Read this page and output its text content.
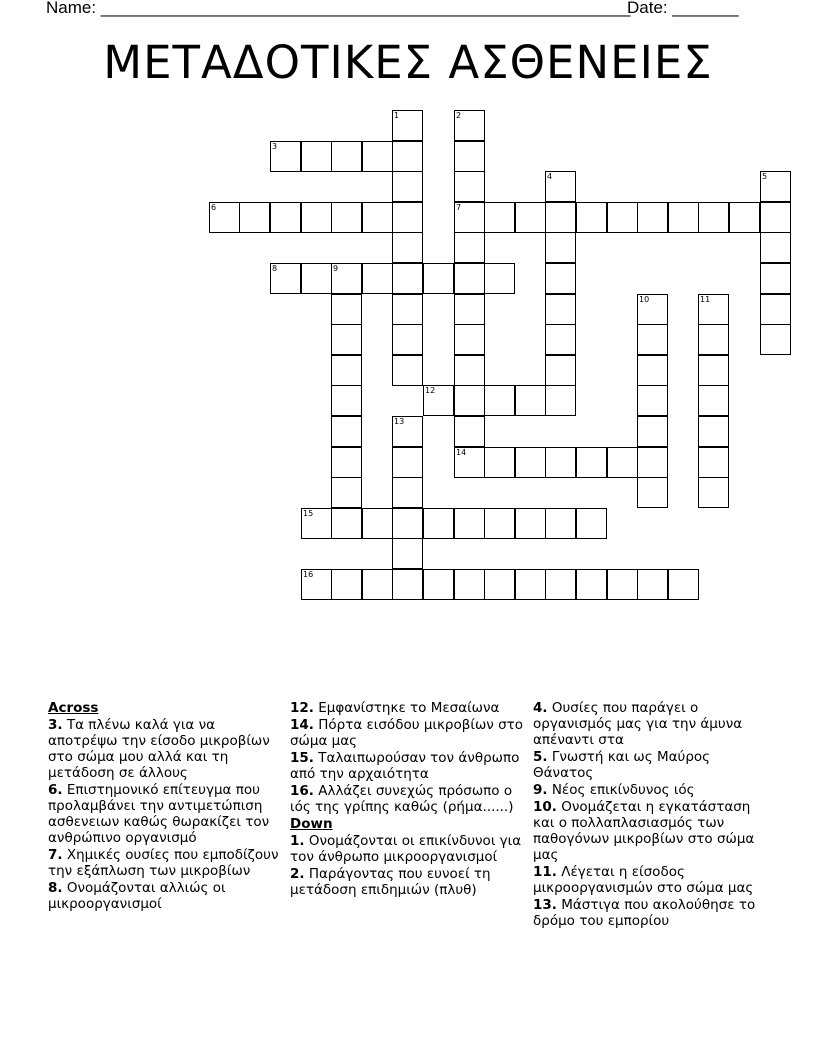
Name: ________________________________________________________
Date: _______
ΜΕΤΑΔΟΤΙΚΕΣ ΑΣΘΕΝΕΙΕΣ
1	2
7
14
3
4	5
6
8	9
10	11
12
13
15
16
Across
3. Τα πλένω καλά για να αποτρέψω την είσοδο μικροβίων στο σώμα μου αλλά και τη μετάδοση σε άλλους
6. Επιστημονικό επίτευγμα που προλαμβάνει την αντιμετώπιση ασθενειων καθώς θωρακίζει τον ανθρώπινο οργανισμό
7. Χημικές ουσίες που εμποδίζουν την εξάπλωση των μικροβίων
8. Ονομάζονται αλλιώς οι μικροοργανισμοί
12. Εμφανίστηκε το Μεσαίωνα
14. Πόρτα εισόδου μικροβίων στο σώμα μας
15. Ταλαιπωρούσαν τον άνθρωπο από την αρχαιότητα
16. Αλλάζει συνεχώς πρόσωπο ο ιός της γρίπης καθώς (ρήμα......)
Down
1. Ονομάζονται οι επικίνδυνοι για τον άνθρωπο μικροοργανισμοί
2. Παράγοντας που ευνοεί τη μετάδοση επιδημιών (πλυθ)
4. Ουσίες που παράγει ο οργανισμός μας για την άμυνα απέναντι στα
5. Γνωστή και ως Μαύρος Θάνατος
9. Νέος επικίνδυνος ιός
10. Ονομάζεται η εγκατάσταση και ο πολλαπλασιασμός των παθογόνων μικροβίων στο σώμα μας
11. Λέγεται η είσοδος μικροοργανισμών στο σώμα μας
13. Μάστιγα που ακολούθησε το δρόμο του εμπορίου
